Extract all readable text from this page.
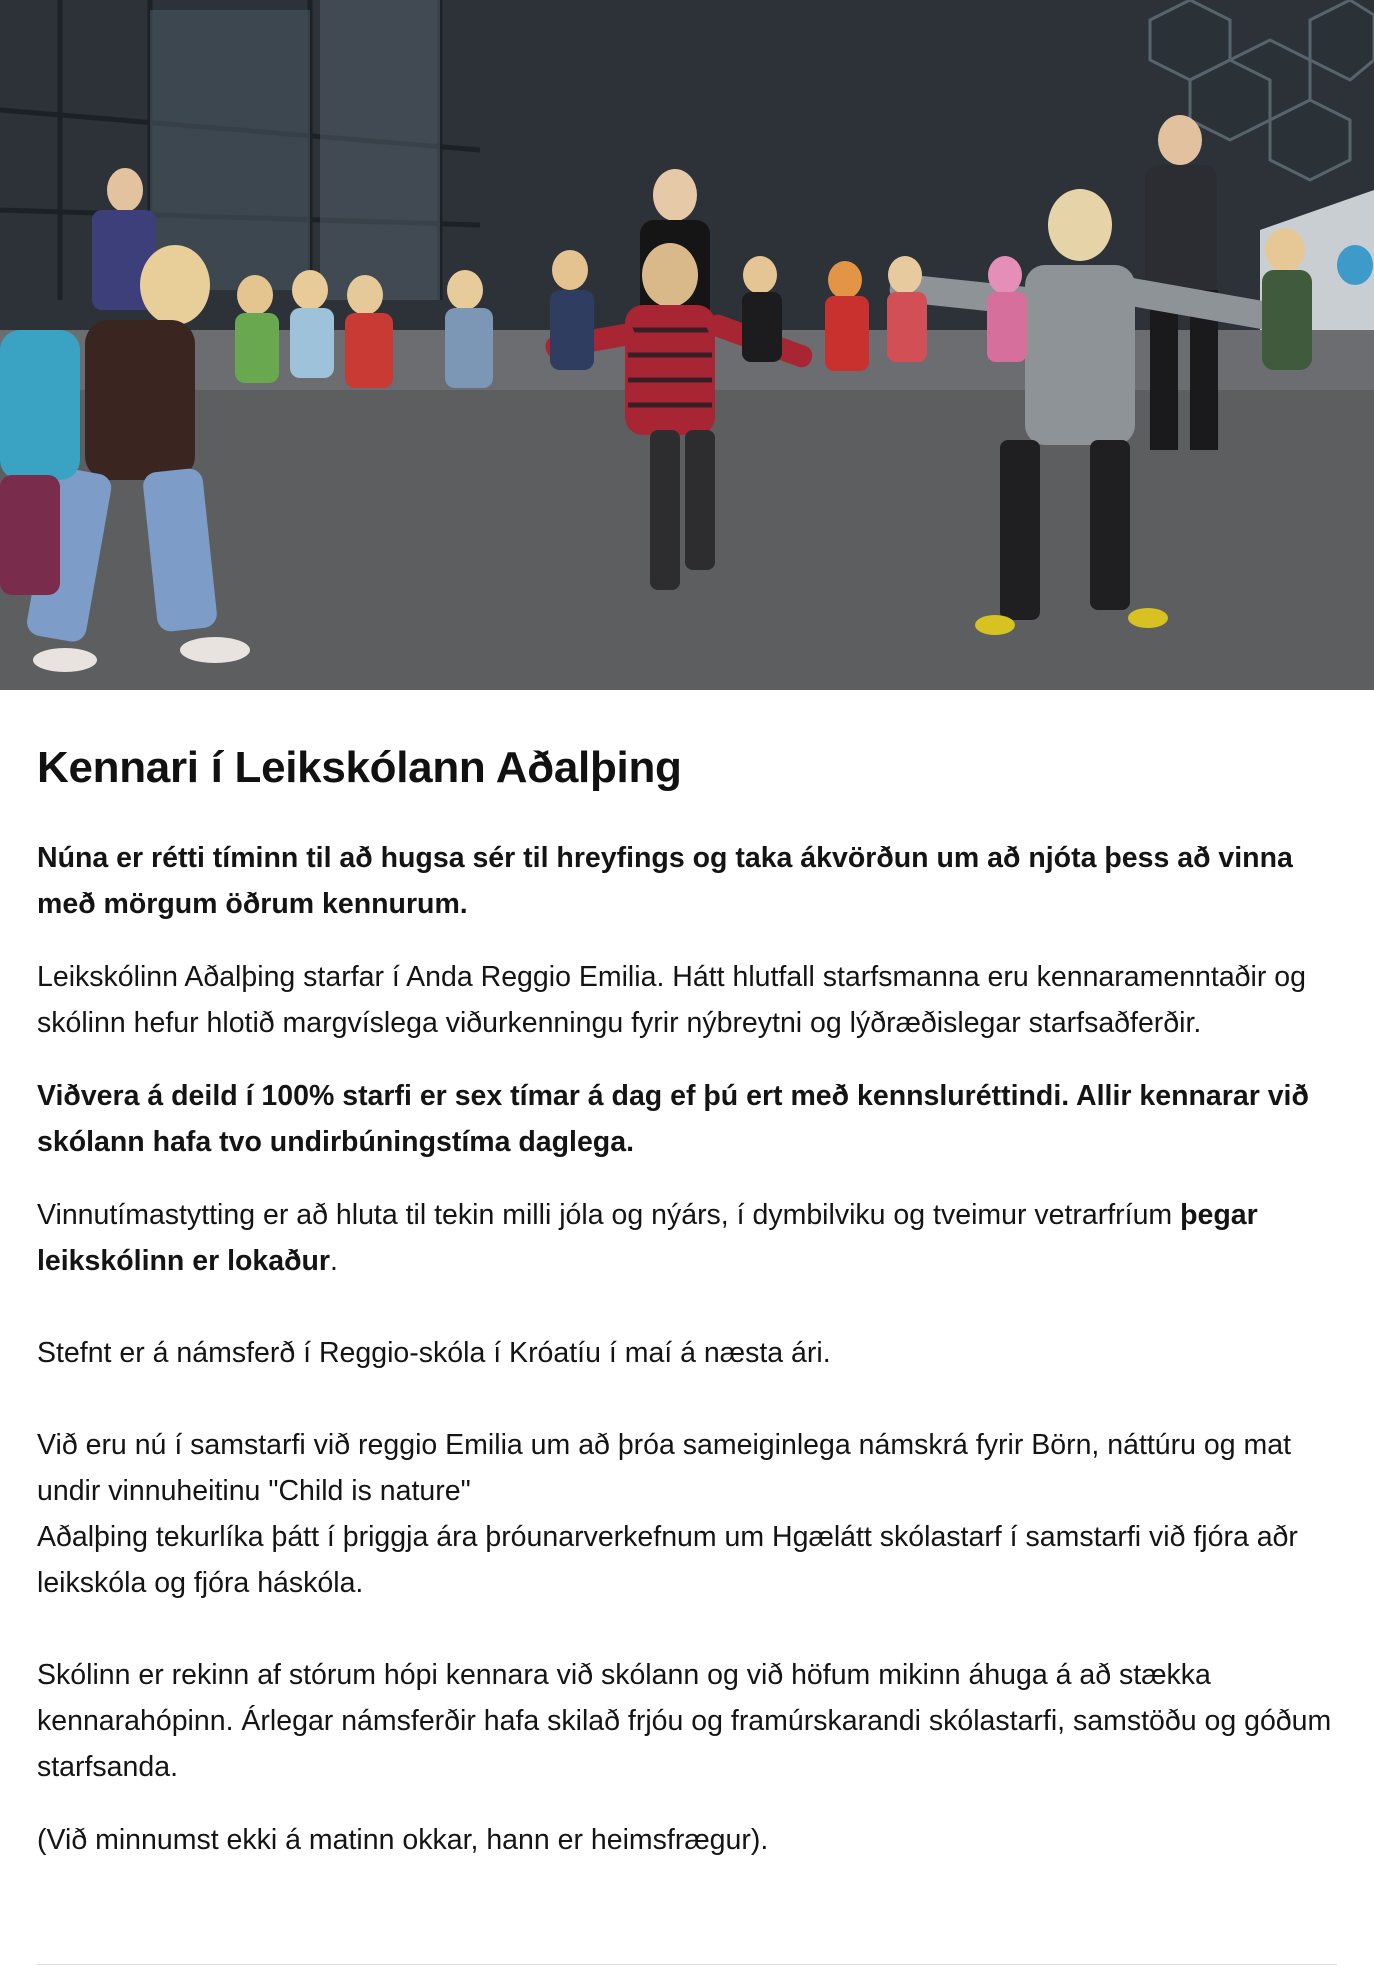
Kennari í Leikskólann Aðalþing

Núna er rétti tíminn til að hugsa sér til hreyfings og taka ákvörðun um að njóta þess að vinna með mörgum öðrum kennurum.

Leikskólinn Aðalþing starfar í Anda Reggio Emilia. Hátt hlutfall starfsmanna eru kennaramenntaðir og skólinn hefur hlotið margvíslega viðurkenningu fyrir nýbreytni og lýðræðislegar starfsaðferðir.

Viðvera á deild í 100% starfi er sex tímar á dag ef þú ert með kennsluréttindi. Allir kennarar við skólann hafa tvo undirbúningstíma daglega.

Vinnutímastytting er að hluta til tekin milli jóla og nýárs, í dymbilviku og tveimur vetrarfríum þegar leikskólinn er lokaður.

Stefnt er á námsferð í Reggio-skóla í Króatíu í maí á næsta ári.

Við eru nú í samstarfi við reggio Emilia um að þróa sameiginlega námskrá fyrir Börn, náttúru og mat undir vinnuheitinu "Child is nature"

Aðalþing tekurlíka þátt í þriggja ára þróunarverkefnum um Hgælátt skólastarf í samstarfi við fjóra aðr leikskóla og fjóra háskóla.

Skólinn er rekinn af stórum hópi kennara við skólann og við höfum mikinn áhuga á að stækka kennarahópinn. Árlegar námsferðir hafa skilað frjóu og framúrskarandi skólastarfi, samstöðu og góðum starfsanda.

(Við minnumst ekki á matinn okkar, hann er heimsfrægur).
